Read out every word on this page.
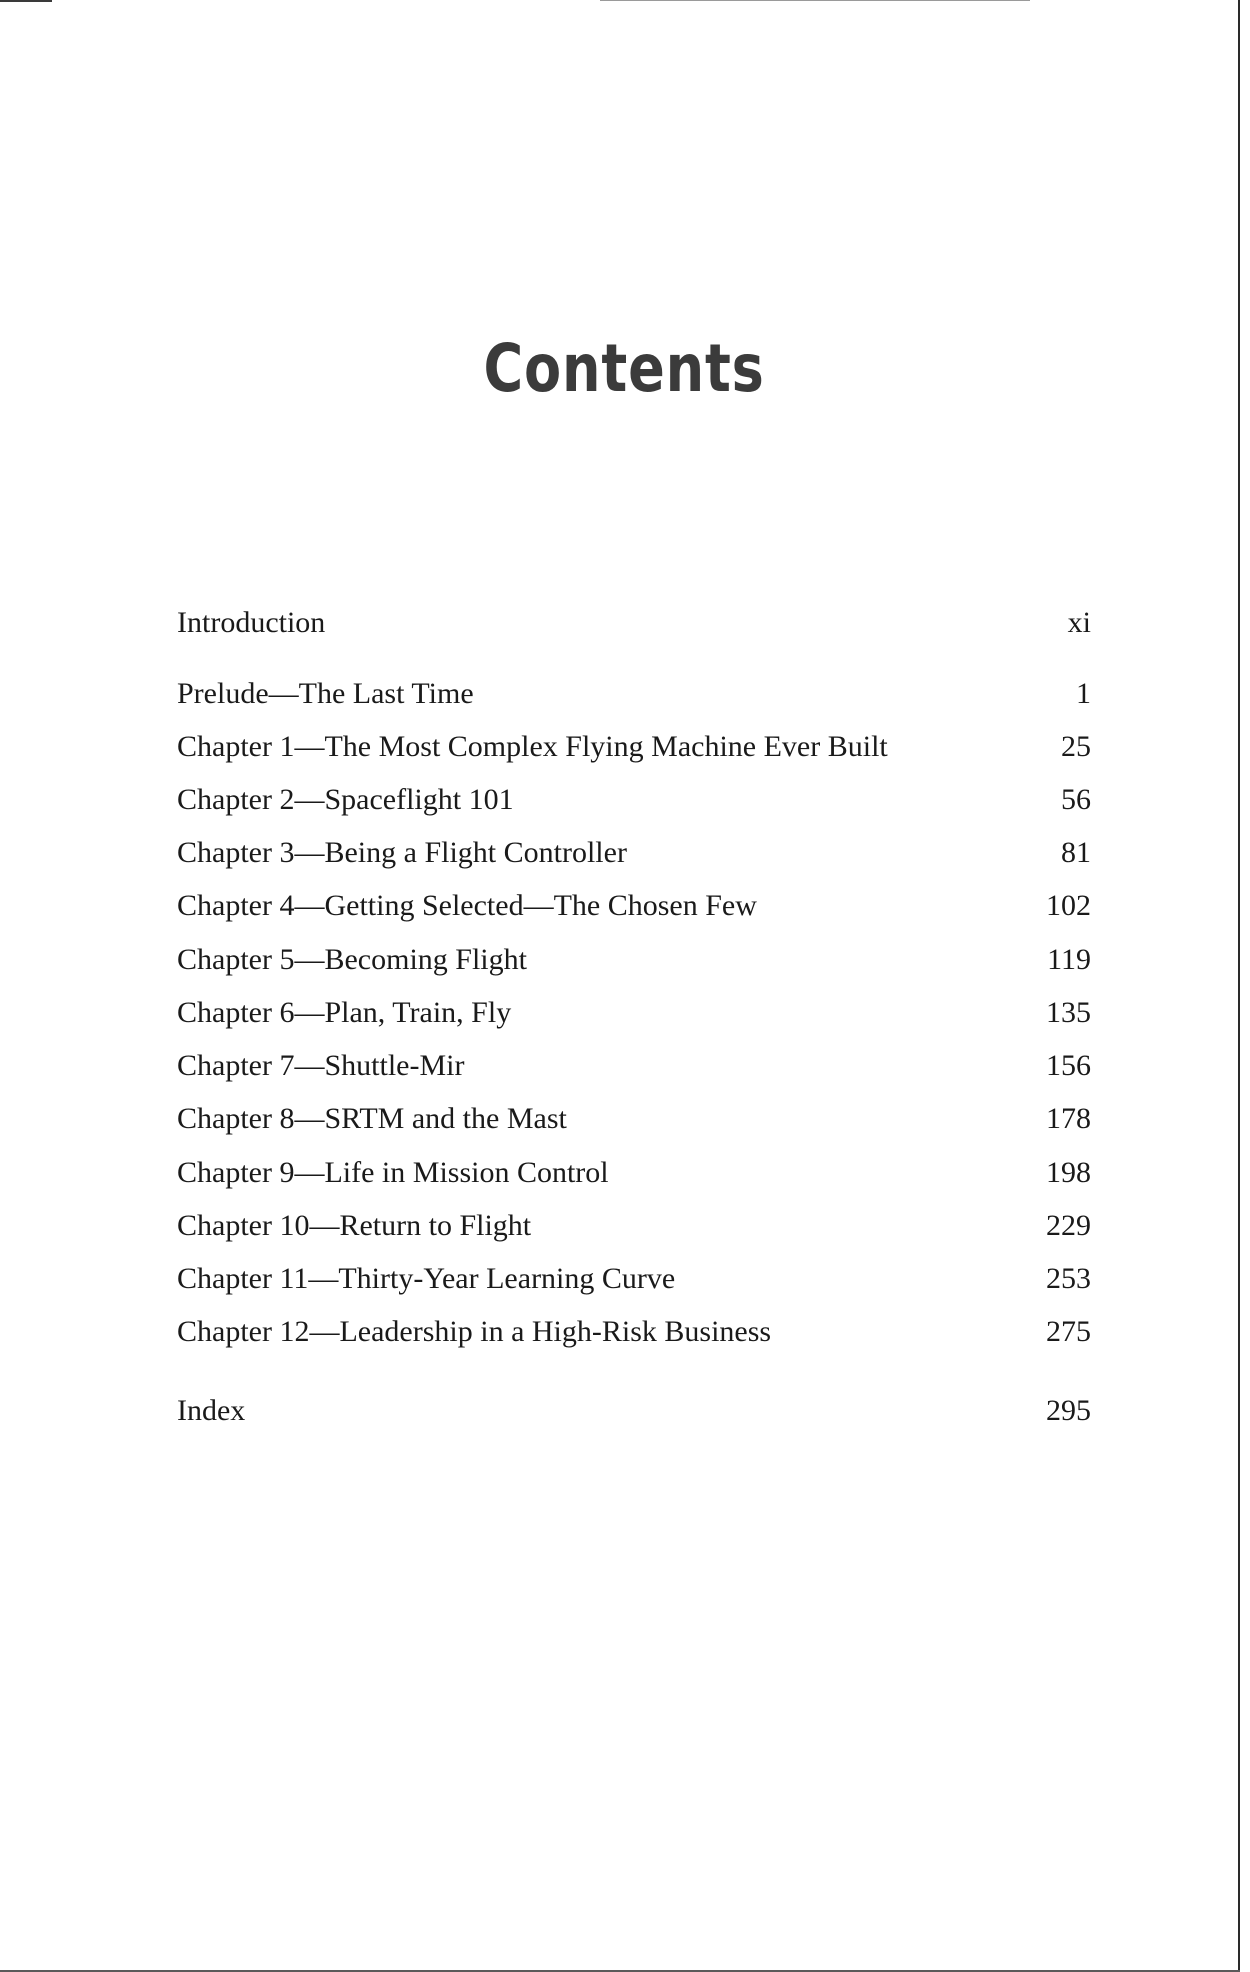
Contents
Introduction	xi
Prelude—The Last Time	1
Chapter 1—The Most Complex Flying Machine Ever Built	25
Chapter 2—Spaceflight 101	56
Chapter 3—Being a Flight Controller	81
Chapter 4—Getting Selected—The Chosen Few	102
Chapter 5—Becoming Flight	119
Chapter 6—Plan, Train, Fly	135
Chapter 7—Shuttle-Mir	156
Chapter 8—SRTM and the Mast	178
Chapter 9—Life in Mission Control	198
Chapter 10—Return to Flight	229
Chapter 11—Thirty-Year Learning Curve	253
Chapter 12—Leadership in a High-Risk Business	275
Index	295
